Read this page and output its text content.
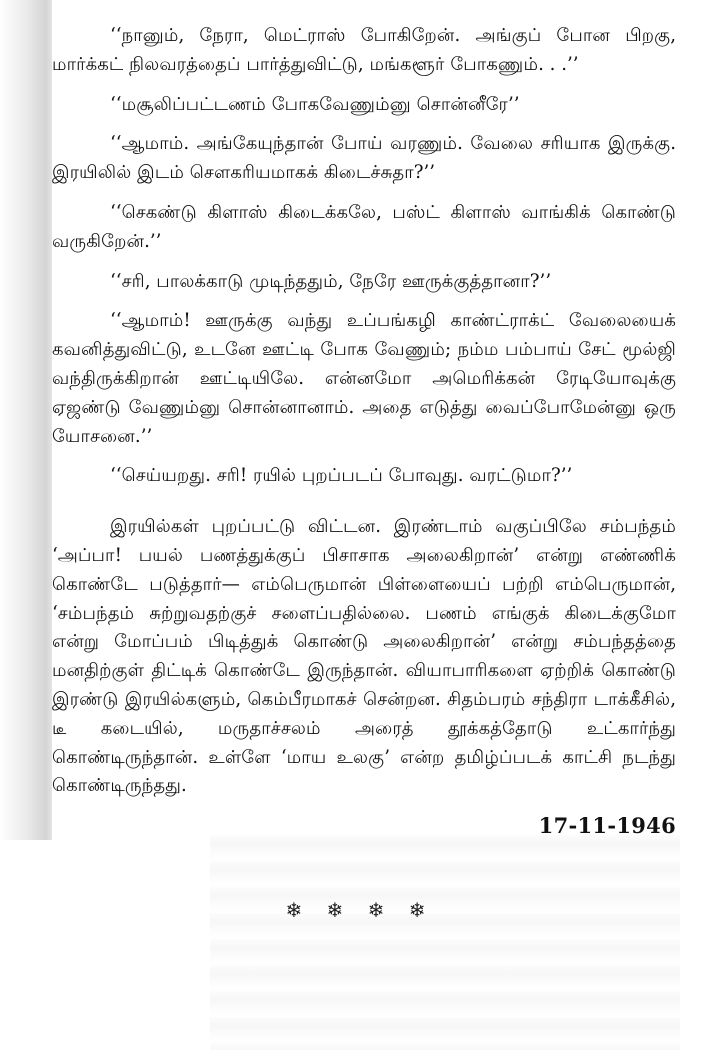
‘‘நானும், நேரா, மெட்ராஸ் போகிறேன். அங்குப் போன பிறகு, மார்க்கட் நிலவரத்தைப் பார்த்துவிட்டு, மங்களூர் போகணும். . .’’

‘‘மசூலிப்பட்டணம் போகவேணும்னு சொன்னீரே’’

‘‘ஆமாம். அங்கேயுந்தான் போய் வரணும். வேலை சரியாக இருக்கு. இரயிலில் இடம் சௌகரியமாகக் கிடைச்சுதா?’’

‘‘செகண்டு கிளாஸ் கிடைக்கலே, பஸ்ட் கிளாஸ் வாங்கிக் கொண்டு வருகிறேன்.’’

‘‘சரி, பாலக்காடு முடிந்ததும், நேரே ஊருக்குத்தானா?’’

‘‘ஆமாம்! ஊருக்கு வந்து உப்பங்கழி காண்ட்ராக்ட் வேலையைக் கவனித்துவிட்டு, உடனே ஊட்டி போக வேணும்; நம்ம பம்பாய் சேட் மூல்ஜி வந்திருக்கிறான் ஊட்டியிலே. என்னமோ அமெரிக்கன் ரேடியோவுக்கு ஏஜண்டு வேணும்னு சொன்னானாம். அதை எடுத்து வைப்போமேன்னு ஒரு யோசனை.’’

‘‘செய்யறது. சரி! ரயில் புறப்படப் போவுது. வரட்டுமா?’’

இரயில்கள் புறப்பட்டு விட்டன. இரண்டாம் வகுப்பிலே சம்பந்தம் ‘அப்பா! பயல் பணத்துக்குப் பிசாசாக அலைகிறான்’ என்று எண்ணிக் கொண்டே படுத்தார்— எம்பெருமான் பிள்ளையைப் பற்றி எம்பெருமான், ‘சம்பந்தம் சுற்றுவதற்குச் சளைப்பதில்லை. பணம் எங்குக் கிடைக்குமோ என்று மோப்பம் பிடித்துக் கொண்டு அலைகிறான்’ என்று சம்பந்தத்தை மனதிற்குள் திட்டிக் கொண்டே இருந்தான். வியாபாரிகளை ஏற்றிக் கொண்டு இரண்டு இரயில்களும், கெம்பீரமாகச் சென்றன. சிதம்பரம் சந்திரா டாக்கீசில், டீ கடையில், மருதாச்சலம் அரைத் தூக்கத்தோடு உட்கார்ந்து கொண்டிருந்தான். உள்ளே ‘மாய உலகு’ என்ற தமிழ்ப்படக் காட்சி நடந்து கொண்டிருந்தது.

17-11-1946
❄ ❄ ❄ ❄
